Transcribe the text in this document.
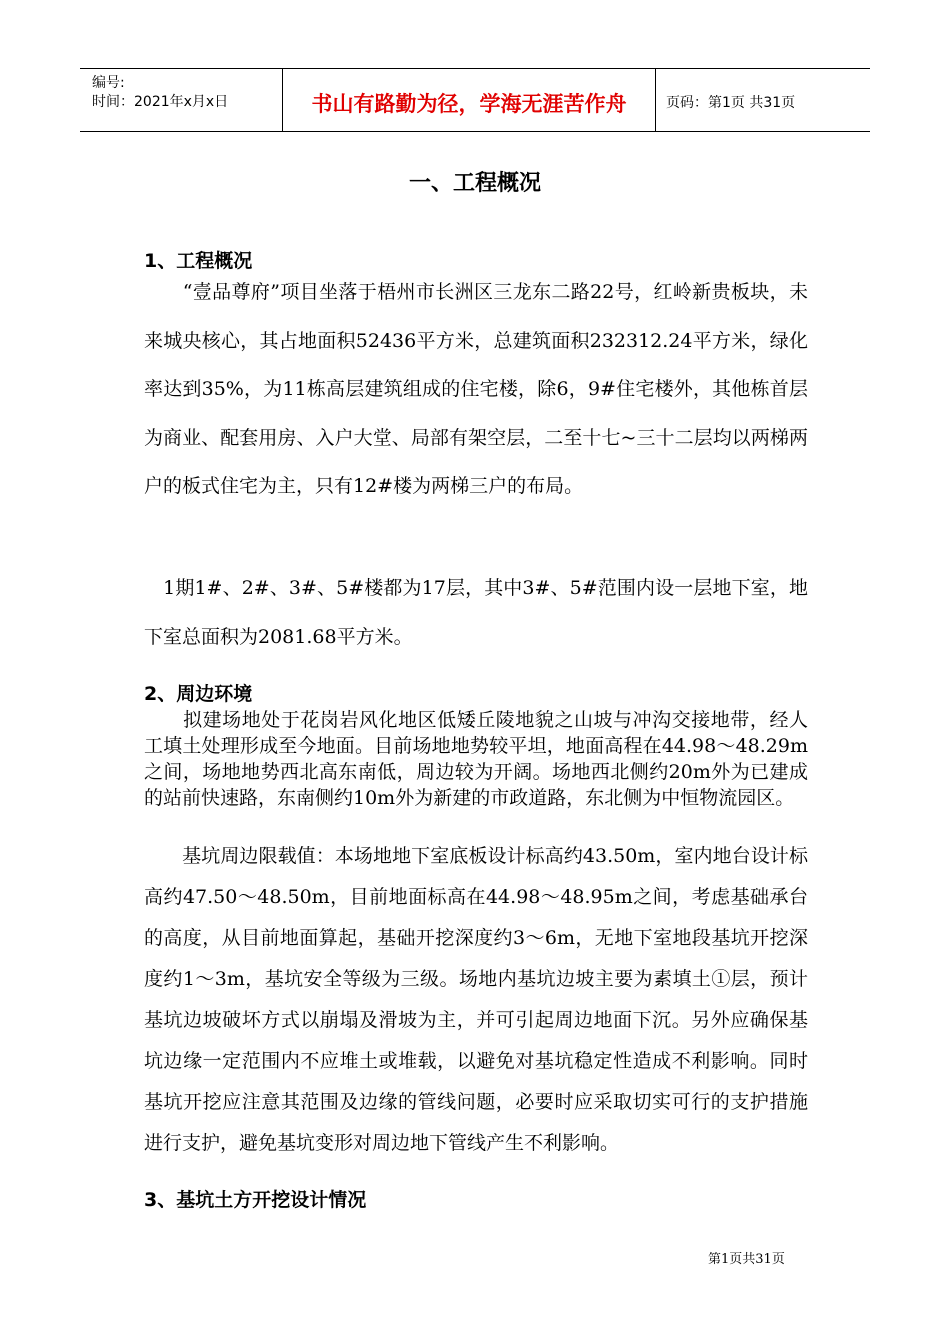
编号:
时间：2021年x月x日	书山有路勤为径，学海无涯苦作舟	页码：第1页 共31页
一、工程概况
1、工程概况

　　“壹品尊府”项目坐落于梧州市长洲区三龙东二路22号，红岭新贵板块，未来城央核心，其占地面积52436平方米，总建筑面积232312.24平方米，绿化率达到35%，为11栋高层建筑组成的住宅楼，除6，9#住宅楼外，其他栋首层为商业、配套用房、入户大堂、局部有架空层，二至十七~三十二层均以两梯两户的板式住宅为主，只有12#楼为两梯三户的布局。

　1期1#、2#、3#、5#楼都为17层，其中3#、5#范围内设一层地下室，地下室总面积为2081.68平方米。

2、周边环境

　　拟建场地处于花岗岩风化地区低矮丘陵地貌之山坡与冲沟交接地带，经人工填土处理形成至今地面。目前场地地势较平坦，地面高程在44.98～48.29m之间，场地地势西北高东南低，周边较为开阔。场地西北侧约20m外为已建成的站前快速路，东南侧约10m外为新建的市政道路，东北侧为中恒物流园区。

　　基坑周边限载值：本场地地下室底板设计标高约43.50m，室内地台设计标高约47.50～48.50m，目前地面标高在44.98～48.95m之间，考虑基础承台的高度，从目前地面算起，基础开挖深度约3～6m，无地下室地段基坑开挖深度约1～3m，基坑安全等级为三级。场地内基坑边坡主要为素填土①层，预计基坑边坡破坏方式以崩塌及滑坡为主，并可引起周边地面下沉。另外应确保基坑边缘一定范围内不应堆土或堆载，以避免对基坑稳定性造成不利影响。同时基坑开挖应注意其范围及边缘的管线问题，必要时应采取切实可行的支护措施进行支护，避免基坑变形对周边地下管线产生不利影响。

3、基坑土方开挖设计情况
第1页共31页
